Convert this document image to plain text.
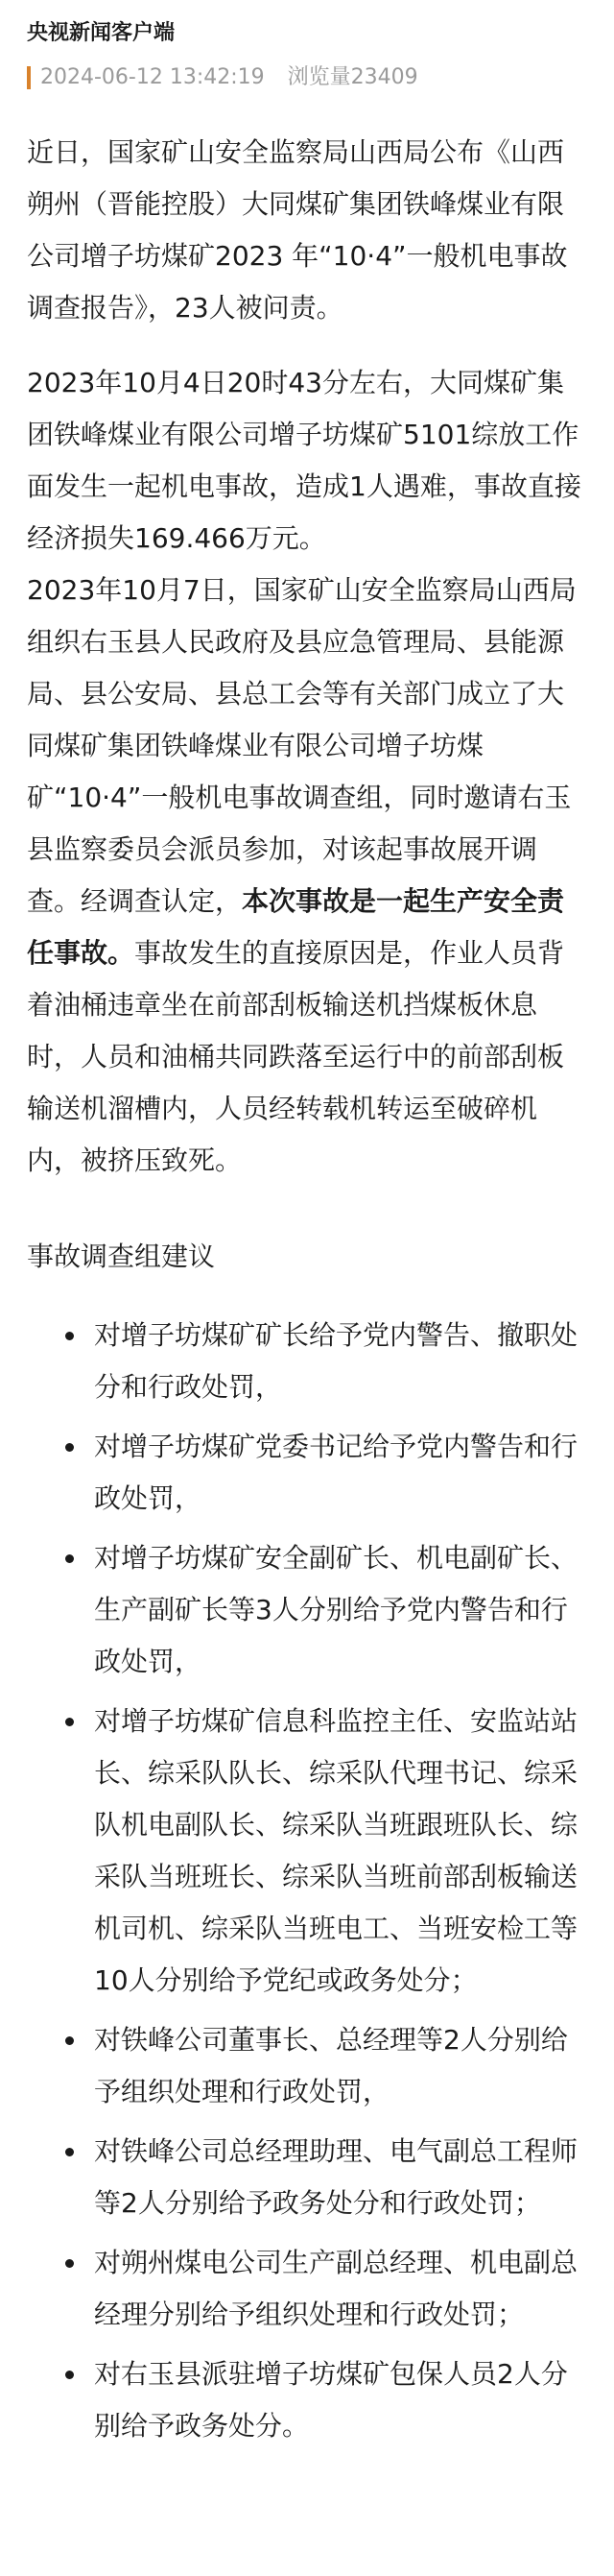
央视新闻客户端
2024-06-12 13:42:19 浏览量23409

近日，国家矿山安全监察局山西局公布《山西朔州（晋能控股）大同煤矿集团铁峰煤业有限公司增子坊煤矿2023 年“10·4”一般机电事故调查报告》，23人被问责。

2023年10月4日20时43分左右，大同煤矿集团铁峰煤业有限公司增子坊煤矿5101综放工作面发生一起机电事故，造成1人遇难，事故直接经济损失169.466万元。

2023年10月7日，国家矿山安全监察局山西局组织右玉县人民政府及县应急管理局、县能源局、县公安局、县总工会等有关部门成立了大同煤矿集团铁峰煤业有限公司增子坊煤矿“10·4”一般机电事故调查组，同时邀请右玉县监察委员会派员参加，对该起事故展开调查。经调查认定，本次事故是一起生产安全责任事故。事故发生的直接原因是，作业人员背着油桶违章坐在前部刮板输送机挡煤板休息时，人员和油桶共同跌落至运行中的前部刮板输送机溜槽内，人员经转载机转运至破碎机内，被挤压致死。

事故调查组建议
对增子坊煤矿矿长给予党内警告、撤职处分和行政处罚，
对增子坊煤矿党委书记给予党内警告和行政处罚，
对增子坊煤矿安全副矿长、机电副矿长、生产副矿长等3人分别给予党内警告和行政处罚，
对增子坊煤矿信息科监控主任、安监站站长、综采队队长、综采队代理书记、综采队机电副队长、综采队当班跟班队长、综采队当班班长、综采队当班前部刮板输送机司机、综采队当班电工、当班安检工等10人分别给予党纪或政务处分；
对铁峰公司董事长、总经理等2人分别给予组织处理和行政处罚，
对铁峰公司总经理助理、电气副总工程师等2人分别给予政务处分和行政处罚；
对朔州煤电公司生产副总经理、机电副总经理分别给予组织处理和行政处罚；
对右玉县派驻增子坊煤矿包保人员2人分别给予政务处分。
